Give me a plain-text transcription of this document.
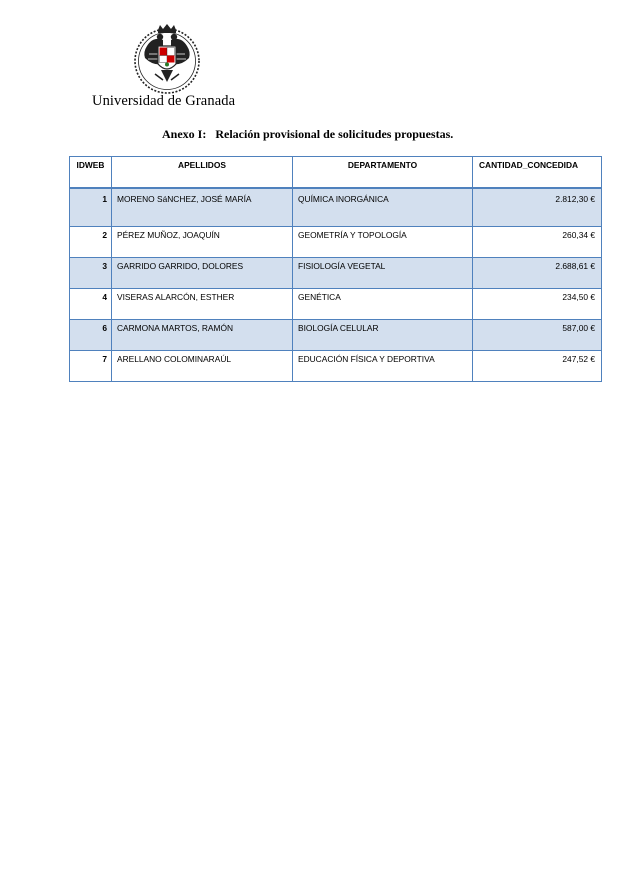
Universidad de Granada
Anexo I: Relación provisional de solicitudes propuestas.
IDWEB	APELLIDOS	DEPARTAMENTO	CANTIDAD_CONCEDIDA
1	MORENO SáNCHEZ, JOSÉ MARÍA	QUÍMICA INORGÁNICA	2.812,30 €
2	PÉREZ MUÑOZ, JOAQUÍN	GEOMETRÍA Y TOPOLOGÍA	260,34 €
3	GARRIDO GARRIDO, DOLORES	FISIOLOGÍA VEGETAL	2.688,61 €
4	VISERAS ALARCÓN, ESTHER	GENÉTICA	234,50 €
6	CARMONA MARTOS, RAMÓN	BIOLOGÍA CELULAR	587,00 €
7	ARELLANO COLOMINARAÚL	EDUCACIÓN FÍSICA Y DEPORTIVA	247,52 €
